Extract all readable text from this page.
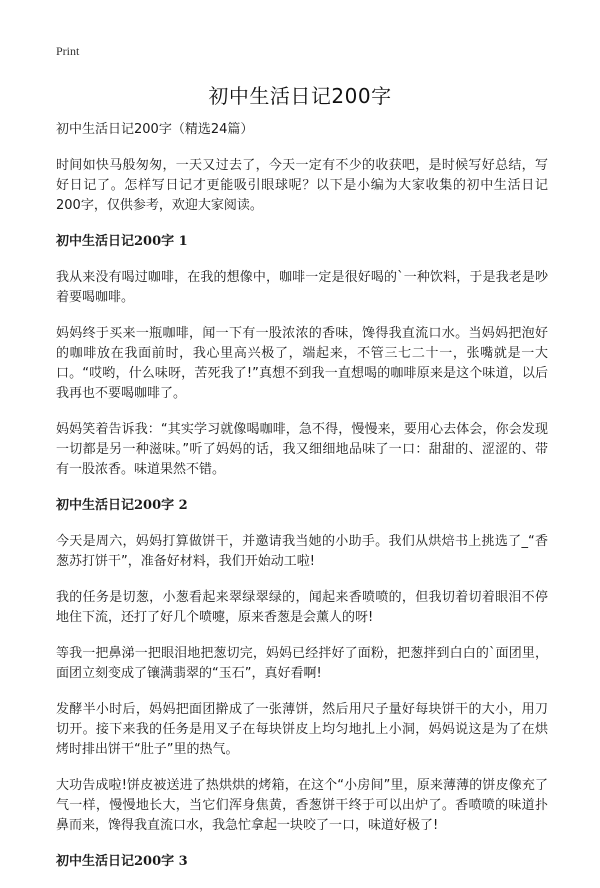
Print
初中生活日记200字

初中生活日记200字（精选24篇）

时间如快马般匆匆，一天又过去了，今天一定有不少的收获吧，是时候写好总结，写好日记了。怎样写日记才更能吸引眼球呢？以下是小编为大家收集的初中生活日记200字，仅供参考，欢迎大家阅读。

初中生活日记200字 1

我从来没有喝过咖啡，在我的想像中，咖啡一定是很好喝的`一种饮料，于是我老是吵着要喝咖啡。

妈妈终于买来一瓶咖啡，闻一下有一股浓浓的香味，馋得我直流口水。当妈妈把泡好的咖啡放在我面前时，我心里高兴极了，端起来，不管三七二十一，张嘴就是一大口。“哎哟，什么味呀，苦死我了!”真想不到我一直想喝的咖啡原来是这个味道，以后我再也不要喝咖啡了。

妈妈笑着告诉我：“其实学习就像喝咖啡，急不得，慢慢来，要用心去体会，你会发现一切都是另一种滋味。”听了妈妈的话，我又细细地品味了一口：甜甜的、涩涩的、带有一股浓香。味道果然不错。

初中生活日记200字 2

今天是周六，妈妈打算做饼干，并邀请我当她的小助手。我们从烘焙书上挑选了_“香葱苏打饼干”，准备好材料，我们开始动工啦!

我的任务是切葱，小葱看起来翠绿翠绿的，闻起来香喷喷的，但我切着切着眼泪不停地住下流，还打了好几个喷嚏，原来香葱是会薰人的呀!

等我一把鼻涕一把眼泪地把葱切完，妈妈已经拌好了面粉，把葱拌到白白的`面团里，面团立刻变成了镶满翡翠的“玉石”，真好看啊!

发酵半小时后，妈妈把面团擀成了一张薄饼，然后用尺子量好每块饼干的大小，用刀切开。接下来我的任务是用叉子在每块饼皮上均匀地扎上小洞，妈妈说这是为了在烘烤时排出饼干“肚子”里的热气。

大功告成啦!饼皮被送进了热烘烘的烤箱，在这个“小房间”里，原来薄薄的饼皮像充了气一样，慢慢地长大，当它们浑身焦黄，香葱饼干终于可以出炉了。香喷喷的味道扑鼻而来，馋得我直流口水，我急忙拿起一块咬了一口，味道好极了!

初中生活日记200字 3
